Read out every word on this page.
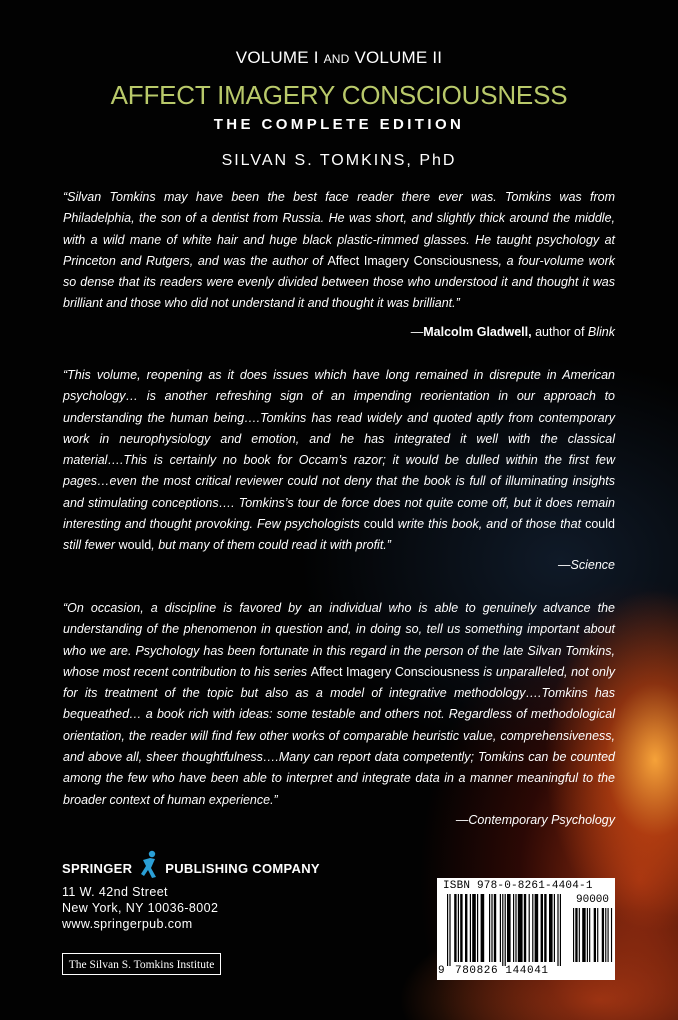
VOLUME I AND VOLUME II
AFFECT IMAGERY CONSCIOUSNESS
THE COMPLETE EDITION
SILVAN S. TOMKINS, PhD
“Silvan Tomkins may have been the best face reader there ever was. Tomkins was from Philadelphia, the son of a dentist from Russia. He was short, and slightly thick around the middle, with a wild mane of white hair and huge black plastic-rimmed glasses. He taught psychology at Princeton and Rutgers, and was the author of Affect Imagery Consciousness, a four-volume work so dense that its readers were evenly divided between those who understood it and thought it was brilliant and those who did not understand it and thought it was brilliant.”
—Malcolm Gladwell, author of Blink
“This volume, reopening as it does issues which have long remained in disrepute in American psychology… is another refreshing sign of an impending reorientation in our approach to understanding the human being….Tomkins has read widely and quoted aptly from contemporary work in neurophysiology and emotion, and he has integrated it well with the classical material….This is certainly no book for Occam’s razor; it would be dulled within the first few pages…even the most critical reviewer could not deny that the book is full of illuminating insights and stimulating conceptions…. Tomkins’s tour de force does not quite come off, but it does remain interesting and thought provoking. Few psychologists could write this book, and of those that could still fewer would, but many of them could read it with profit.”
—Science
“On occasion, a discipline is favored by an individual who is able to genuinely advance the understanding of the phenomenon in question and, in doing so, tell us something important about who we are. Psychology has been fortunate in this regard in the person of the late Silvan Tomkins, whose most recent contribution to his series Affect Imagery Consciousness is unparalleled, not only for its treatment of the topic but also as a model of integrative methodology….Tomkins has bequeathed… a book rich with ideas: some testable and others not. Regardless of methodological orientation, the reader will find few other works of comparable heuristic value, comprehensiveness, and above all, sheer thoughtfulness….Many can report data competently; Tomkins can be counted among the few who have been able to interpret and integrate data in a manner meaningful to the broader context of human experience.”
—Contemporary Psychology
SPRINGER	PUBLISHING COMPANY
11 W. 42nd Street
New York, NY 10036-8002
www.springerpub.com
The Silvan S. Tomkins Institute
ISBN 978-0-8261-4404-1
90000
9 780826 144041
